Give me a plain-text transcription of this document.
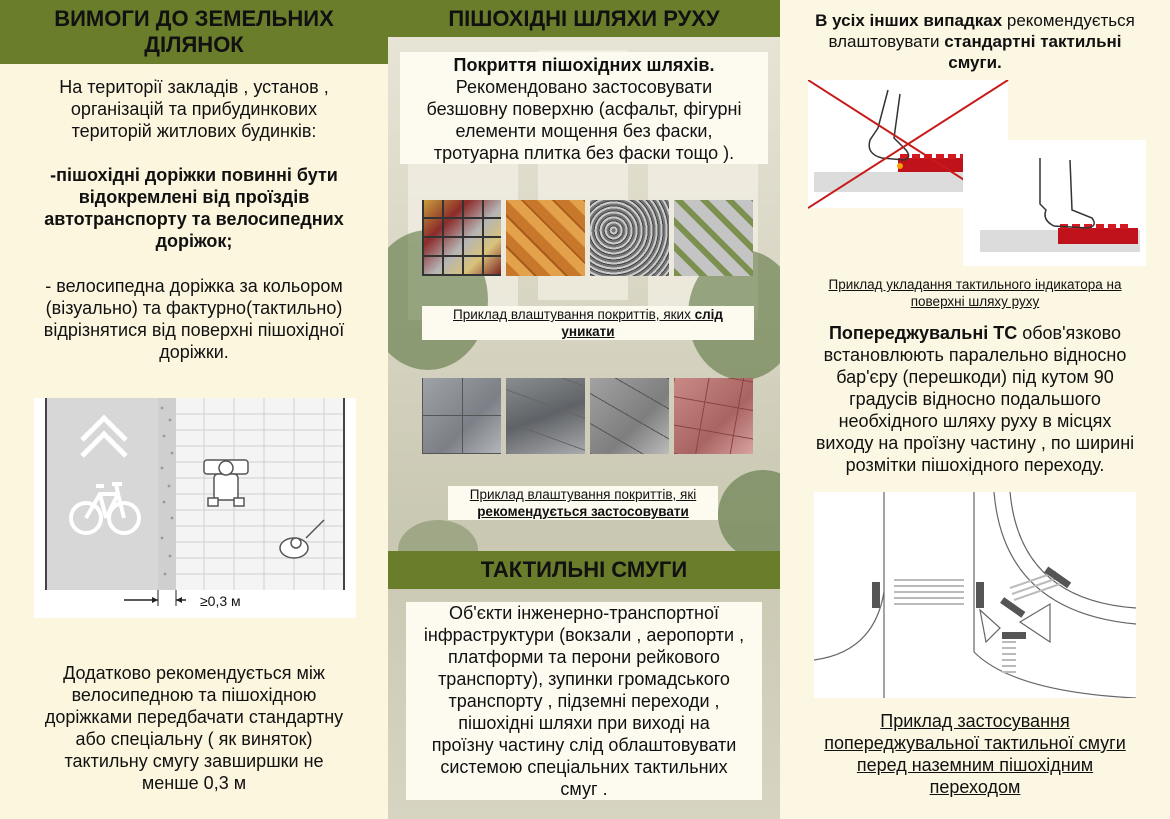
ВИМОГИ ДО ЗЕМЕЛЬНИХ ДІЛЯНОК
На території закладів , установ ,
організацій та прибудинкових
територій житлових будинків:
-пішохідні доріжки повинні бути
відокремлені від проїздів
автотранспорту та велосипедних
доріжок;
- велосипедна доріжка за кольором
(візуально) та фактурно(тактильно)
відрізнятися від поверхні пішохідної
доріжки.
≥0,3 м
Додатково рекомендується між
велосипедною та пішохідною
доріжками передбачати стандартну
або спеціальну ( як виняток)
тактильну смугу завширшки не
менше 0,3 м
ПІШОХІДНІ ШЛЯХИ РУХУ
Покриття пішохідних шляхів.
Рекомендовано застосовувати
безшовну поверхню (асфальт, фігурні
елементи мощення без фаски,
тротуарна плитка без фаски тощо ).
Приклад влаштування покриттів, яких слід
уникати
Приклад влаштування покриттів, які
рекомендується застосовувати
ТАКТИЛЬНІ СМУГИ
Об'єкти інженерно-транспортної
інфраструктури (вокзали , аеропорти ,
платформи та перони рейкового
транспорту), зупинки громадського
транспорту , підземні переходи ,
пішохідні шляхи при виході на
проїзну частину слід облаштовувати
системою спеціальних тактильних
смуг .
В усіх інших випадках рекомендується
влаштовувати стандартні тактильні
смуги.
Приклад укладання тактильного індикатора на
поверхні шляху руху
Попереджувальні ТС обов'язково
встановлюють паралельно відносно
бар'єру (перешкоди) під кутом 90
градусів відносно подальшого
необхідного шляху руху в місцях
виходу на проїзну частину , по ширині
розмітки пішохідного переходу.
Приклад застосування
попереджувальної тактильної смуги
перед наземним пішохідним
переходом
